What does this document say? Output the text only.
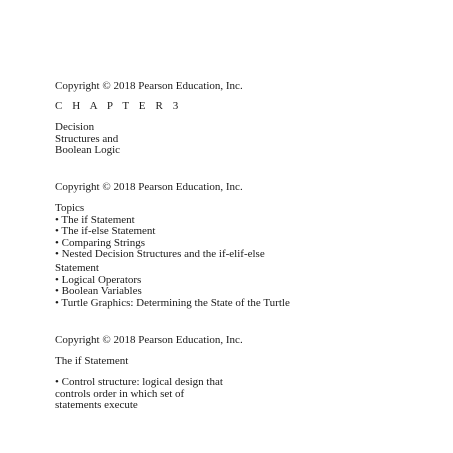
Copyright © 2018 Pearson Education, Inc.
C H A P T E R 3
Decision
Structures and
Boolean Logic
Copyright © 2018 Pearson Education, Inc.
Topics
• The if Statement
• The if-else Statement
• Comparing Strings
• Nested Decision Structures and the if-elif-else
Statement
• Logical Operators
• Boolean Variables
• Turtle Graphics: Determining the State of the Turtle
Copyright © 2018 Pearson Education, Inc.
The if Statement
• Control structure: logical design that
controls order in which set of
statements execute
